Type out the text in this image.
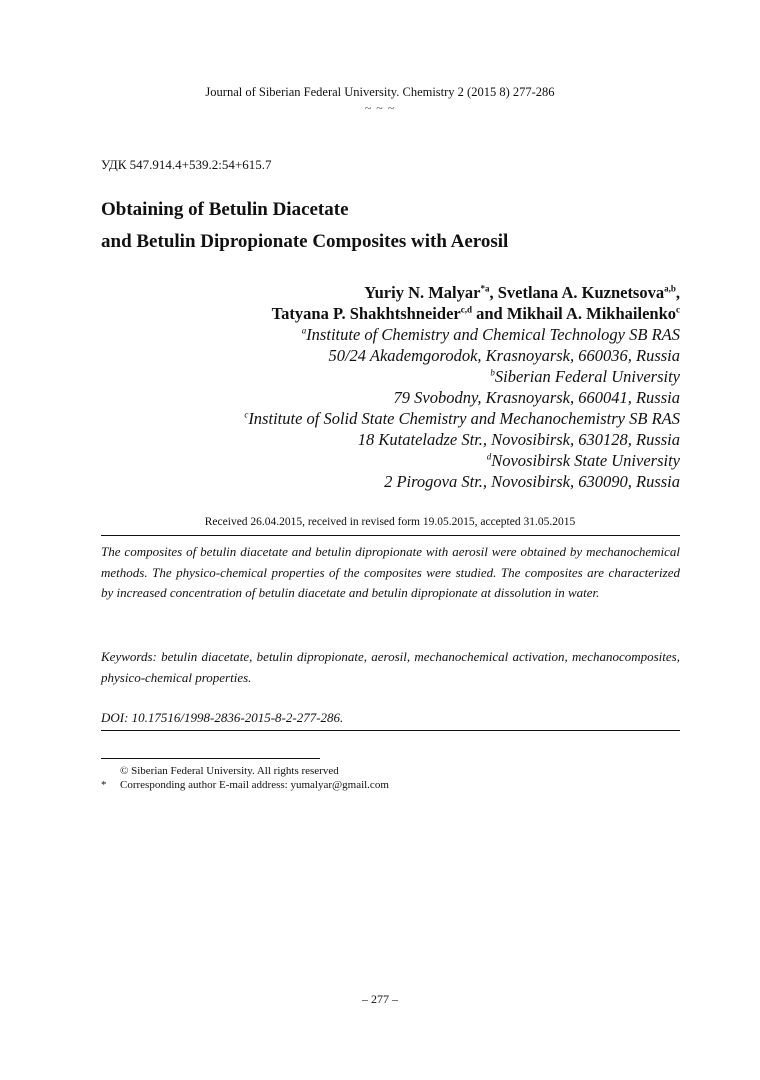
Journal of Siberian Federal University. Chemistry 2 (2015 8) 277-286
~ ~ ~
УДК 547.914.4+539.2:54+615.7
Obtaining of Betulin Diacetate
and Betulin Dipropionate Composites with Aerosil
Yuriy N. Malyar$^{*a}$, Svetlana A. Kuznetsova$^{a,b}$,
Tatyana P. Shakhtshneider$^{c,d}$ and Mikhail A. Mikhailenko$^c$
$^a$Institute of Chemistry and Chemical Technology SB RAS
50/24 Akademgorodok, Krasnoyarsk, 660036, Russia
$^b$Siberian Federal University
79 Svobodny, Krasnoyarsk, 660041, Russia
$^c$Institute of Solid State Chemistry and Mechanochemistry SB RAS
18 Kutateladze Str., Novosibirsk, 630128, Russia
$^d$Novosibirsk State University
2 Pirogova Str., Novosibirsk, 630090, Russia
Received 26.04.2015, received in revised form 19.05.2015, accepted 31.05.2015
The composites of betulin diacetate and betulin dipropionate with aerosil were obtained by mechanochemical methods. The physico-chemical properties of the composites were studied. The composites are characterized by increased concentration of betulin diacetate and betulin dipropionate at dissolution in water.
Keywords: betulin diacetate, betulin dipropionate, aerosil, mechanochemical activation, mechanocomposites, physico-chemical properties.
DOI: 10.17516/1998-2836-2015-8-2-277-286.
© Siberian Federal University. All rights reserved
*	Corresponding author E-mail address: yumalyar@gmail.com
– 277 –
